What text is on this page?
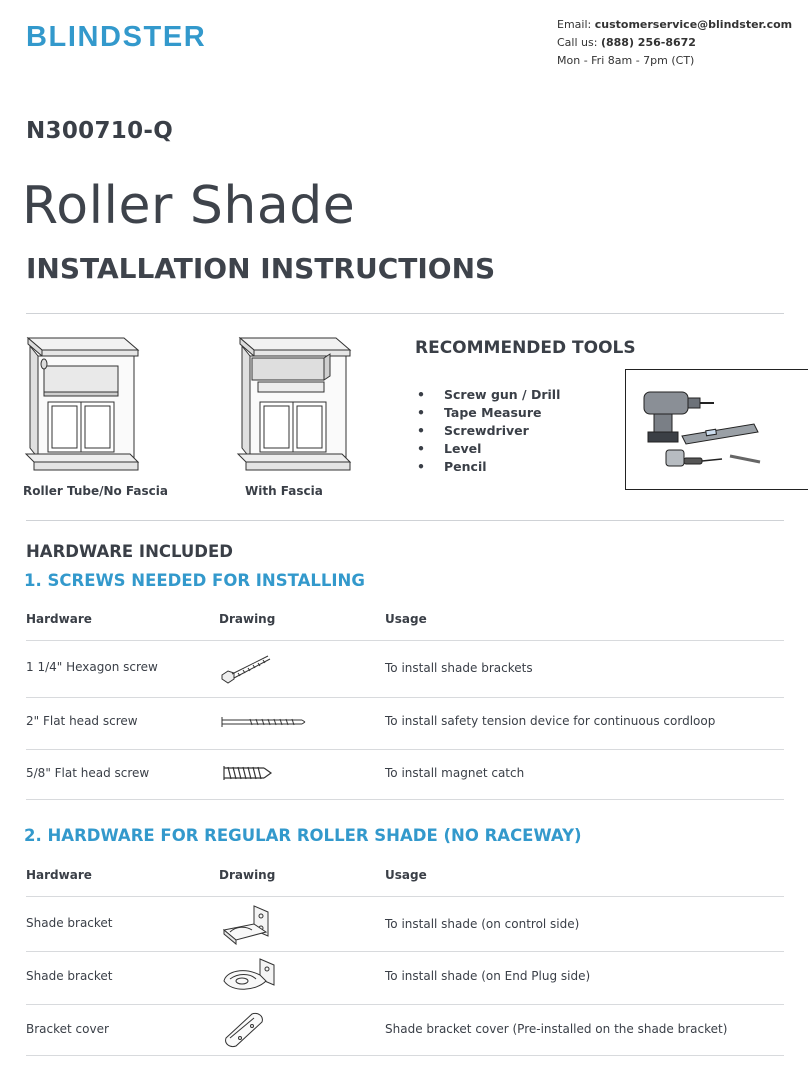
BLINDSTER	Email: customerservice@blindster.com
Call us: (888) 256-8672
Mon - Fri 8am - 7pm (CT)
N300710-Q
Roller Shade
INSTALLATION INSTRUCTIONS
Roller Tube/No Fascia	With Fascia
RECOMMENDED TOOLS
• Screw gun / Drill
• Tape Measure
• Screwdriver
• Level
• Pencil
HARDWARE INCLUDED
1. SCREWS NEEDED FOR INSTALLING
Hardware	Drawing	Usage
1 1/4" Hexagon screw	To install shade brackets
2" Flat head screw	To install safety tension device for continuous cordloop
5/8" Flat head screw	To install magnet catch
2. HARDWARE FOR REGULAR ROLLER SHADE (NO RACEWAY)
Hardware	Drawing	Usage
Shade bracket	To install shade (on control side)
Shade bracket	To install shade (on End Plug side)
Bracket cover	Shade bracket cover (Pre-installed on the shade bracket)
